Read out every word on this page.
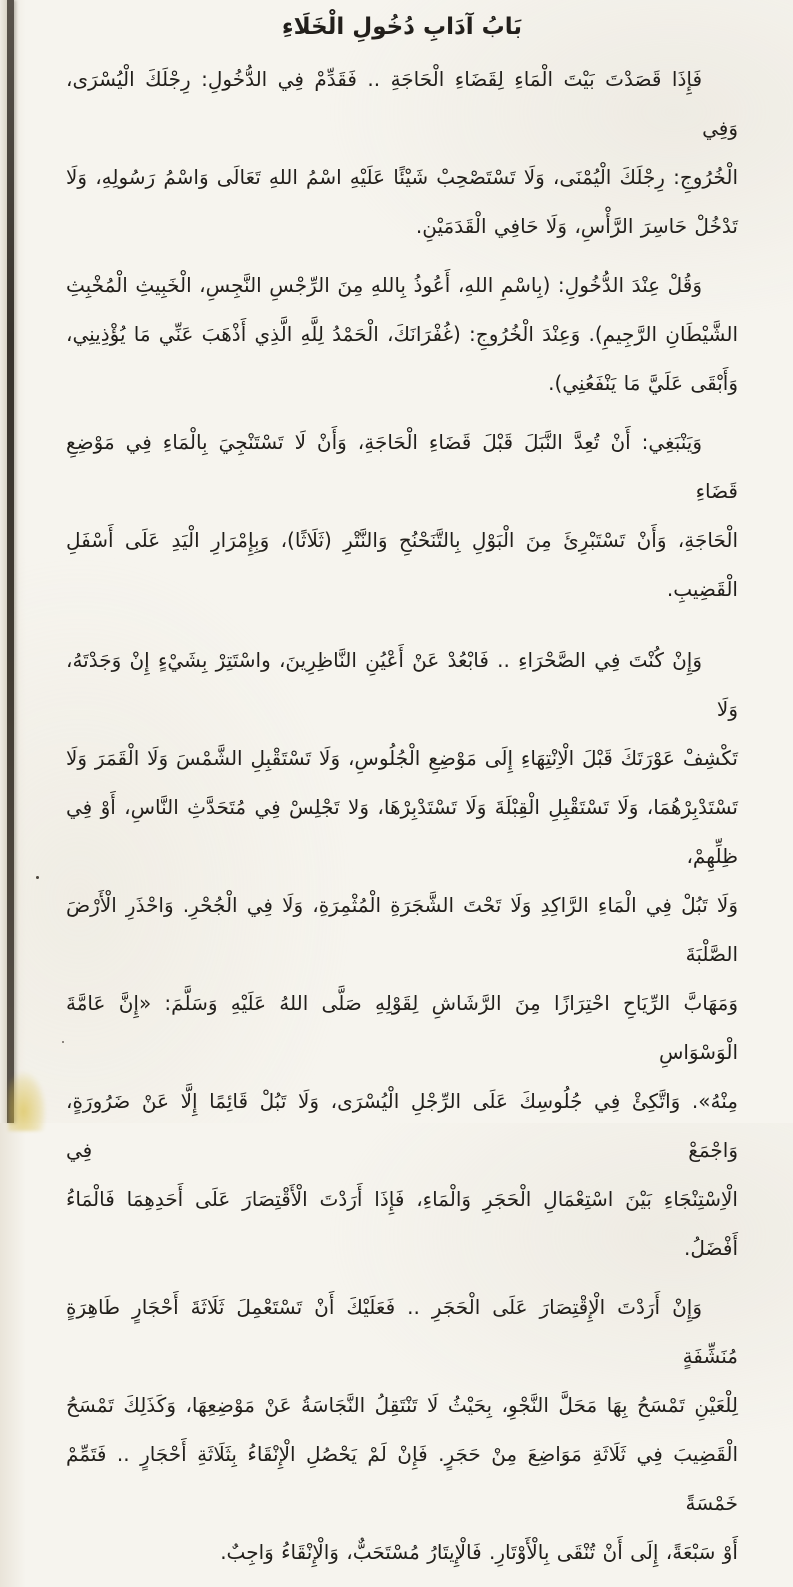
بَابُ آدَابِ دُخُولِ الْخَلَاءِ
فَإِذَا قَصَدْتَ بَيْتَ الْمَاءِ لِقَضَاءِ الْحَاجَةِ .. فَقَدِّمْ فِي الدُّخُولِ: رِجْلَكَ الْيُسْرَى، وَفِي
الْخُرُوجِ: رِجْلَكَ الْيُمْنَى، وَلَا تَسْتَصْحِبْ شَيْئًا عَلَيْهِ اسْمُ اللهِ تَعَالَى وَاسْمُ رَسُولِهِ، وَلَا
تَدْخُلْ حَاسِرَ الرَّأْسِ، وَلَا حَافِي الْقَدَمَيْنِ.
وَقُلْ عِنْدَ الدُّخُولِ: (بِاسْمِ اللهِ، أَعُوذُ بِاللهِ مِنَ الرِّجْسِ النَّجِسِ، الْخَبِيثِ الْمُخْبِثِ
الشَّيْطَانِ الرَّجِيمِ). وَعِنْدَ الْخُرُوجِ: (غُفْرَانَكَ، الْحَمْدُ لِلَّهِ الَّذِي أَذْهَبَ عَنِّي مَا يُؤْذِينِي،
وَأَبْقَى عَلَيَّ مَا يَنْفَعُنِي).
وَيَنْبَغِي: أَنْ تُعِدَّ النَّبَلَ قَبْلَ قَضَاءِ الْحَاجَةِ، وَأَنْ لَا تَسْتَنْجِيَ بِالْمَاءِ فِي مَوْضِعِ قَضَاءِ
الْحَاجَةِ، وَأَنْ تَسْتَبْرِئَ مِنَ الْبَوْلِ بِالتَّنَحْنُحِ وَالنَّتْرِ (ثَلَاثًا)، وَبِإِمْرَارِ الْيَدِ عَلَى أَسْفَلِ
الْقَضِيبِ.
وَإِنْ كُنْتَ فِي الصَّحْرَاءِ .. فَابْعُدْ عَنْ أَعْيُنِ النَّاظِرِينَ، واسْتَتِرْ بِشَيْءٍ إِنْ وَجَدْتَهُ، وَلَا
تَكْشِفْ عَوْرَتَكَ قَبْلَ الْاِنْتِهَاءِ إِلَى مَوْضِعِ الْجُلُوسِ، وَلَا تَسْتَقْبِلِ الشَّمْسَ وَلَا الْقَمَرَ وَلَا
تَسْتَدْبِرْهُمَا، وَلَا تَسْتَقْبِلِ الْقِبْلَةَ وَلَا تَسْتَدْبِرْهَا، وَلا تَجْلِسْ فِي مُتَحَدَّثِ النَّاسِ، أَوْ فِي ظِلِّهِمْ،
وَلَا تَبُلْ فِي الْمَاءِ الرَّاكِدِ وَلَا تَحْتَ الشَّجَرَةِ الْمُثْمِرَةِ، وَلَا فِي الْجُحْرِ. وَاحْذَرِ الْأَرْضَ الصَّلْبَةَ
وَمَهَابَّ الرِّيَاحِ احْتِرَازًا مِنَ الرَّشَاشِ لِقَوْلِهِ صَلَّى اللهُ عَلَيْهِ وَسَلَّمَ: «إِنَّ عَامَّةَ الْوَسْوَاسِ
مِنْهُ». وَاتَّكِئْ فِي جُلُوسِكَ عَلَى الرِّجْلِ الْيُسْرَى، وَلَا تَبُلْ قَائِمًا إِلَّا عَنْ ضَرُورَةٍ، وَاجْمَعْ فِي
الْاِسْتِنْجَاءِ بَيْنَ اسْتِعْمَالِ الْحَجَرِ وَالْمَاءِ، فَإِذَا أَرَدْتَ الْأَقْتِصَارَ عَلَى أَحَدِهِمَا فَالْمَاءُ أَفْضَلُ.
وَإِنْ أَرَدْتَ الْإِقْتِصَارَ عَلَى الْحَجَرِ .. فَعَلَيْكَ أَنْ تَسْتَعْمِلَ ثَلَاثَةَ أَحْجَارٍ طَاهِرَةٍ مُنَشِّفَةٍ
لِلْعَيْنِ تَمْسَحُ بِهَا مَحَلَّ النَّجْوِ، بِحَيْثُ لَا تَنْتَقِلُ النَّجَاسَةُ عَنْ مَوْضِعِهَا، وَكَذَلِكَ تَمْسَحُ
الْقَضِيبَ فِي ثَلَاثَةِ مَوَاضِعَ مِنْ حَجَرٍ. فَإِنْ لَمْ يَحْصُلِ الْإِنْقَاءُ بِثَلَاثَةِ أَحْجَارٍ .. فَتَمِّمْ خَمْسَةً
أَوْ سَبْعَةً، إِلَى أَنْ تُنْقَى بِالْأَوْتَارِ. فَالْإِيتَارُ مُسْتَحَبٌّ، وَالْإِنْقَاءُ وَاجِبٌ.
